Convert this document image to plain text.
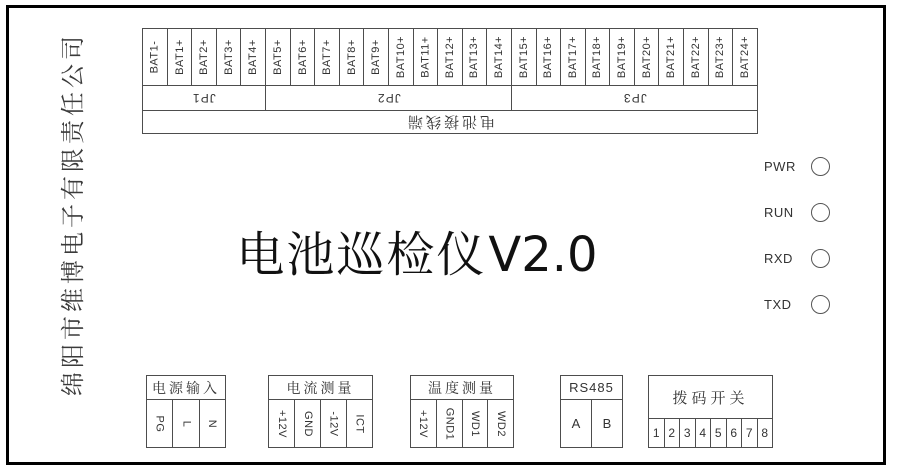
绵阳市维博电子有限责任公司	BAT1- BAT1+ BAT2+ BAT3+ BAT4+ BAT5+ BAT6+ BAT7+ BAT8+ BAT9+ BAT10+ BAT11+ BAT12+ BAT13+ BAT14+ BAT15+ BAT16+ BAT17+ BAT18+ BAT19+ BAT20+ BAT21+ BAT22+ BAT23+ BAT24+
JP1	JP2	JP3
电池接线端
电池巡检仪V2.0
PWR
RUN
RXD
TXD
电源输入
PG L N
电流测量
+12V GND -12V ICT
温度测量
+12V GND1 WD1 WD2
RS485
A B
拨码开关
1 2 3 4 5 6 7 8
